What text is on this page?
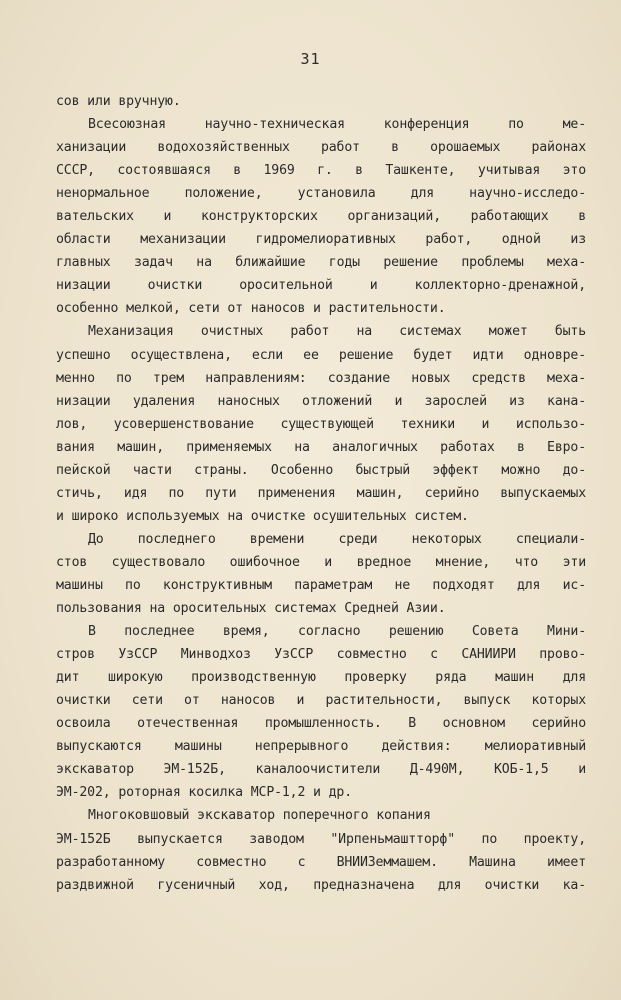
31
сов или вручную.
Всесоюзная научно-техническая конференция по ме-
ханизации водохозяйственных работ в орошаемых районах
СССР, состоявшаяся в 1969 г. в Ташкенте, учитывая это
ненормальное положение, установила для научно-исследо-
вательских и конструкторских организаций, работающих в
области механизации гидромелиоративных работ, одной из
главных задач на ближайшие годы решение проблемы меха-
низации очистки оросительной и коллекторно-дренажной,
особенно мелкой, сети от наносов и растительности.
Механизация очистных работ на системах может быть
успешно осуществлена, если ее решение будет идти одновре-
менно по трем направлениям: создание новых средств меха-
низации удаления наносных отложений и зарослей из кана-
лов, усовершенствование существующей техники и использо-
вания машин, применяемых на аналогичных работах в Евро-
пейской части страны. Особенно быстрый эффект можно до-
стичь, идя по пути применения машин, серийно выпускаемых
и широко используемых на очистке осушительных систем.
До последнего времени среди некоторых специали-
стов существовало ошибочное и вредное мнение, что эти
машины по конструктивным параметрам не подходят для ис-
пользования на оросительных системах Средней Азии.
В последнее время, согласно решению Совета Мини-
стров УзССР Минводхоз УзССР совместно с САНИИРИ прово-
дит широкую производственную проверку ряда машин для
очистки сети от наносов и растительности, выпуск которых
освоила отечественная промышленность. В основном серийно
выпускаются машины непрерывного действия: мелиоративный
экскаватор ЭМ-152Б, каналоочистители Д-490М, КОБ-1,5 и
ЭМ-202, роторная косилка МСР-1,2 и др.
Многоковшовый экскаватор поперечного копания
ЭМ-152Б выпускается заводом "Ирпеньмаштторф" по проекту,
разработанному совместно с ВНИИЗеммашем. Машина имеет
раздвижной гусеничный ход, предназначена для очистки ка-
